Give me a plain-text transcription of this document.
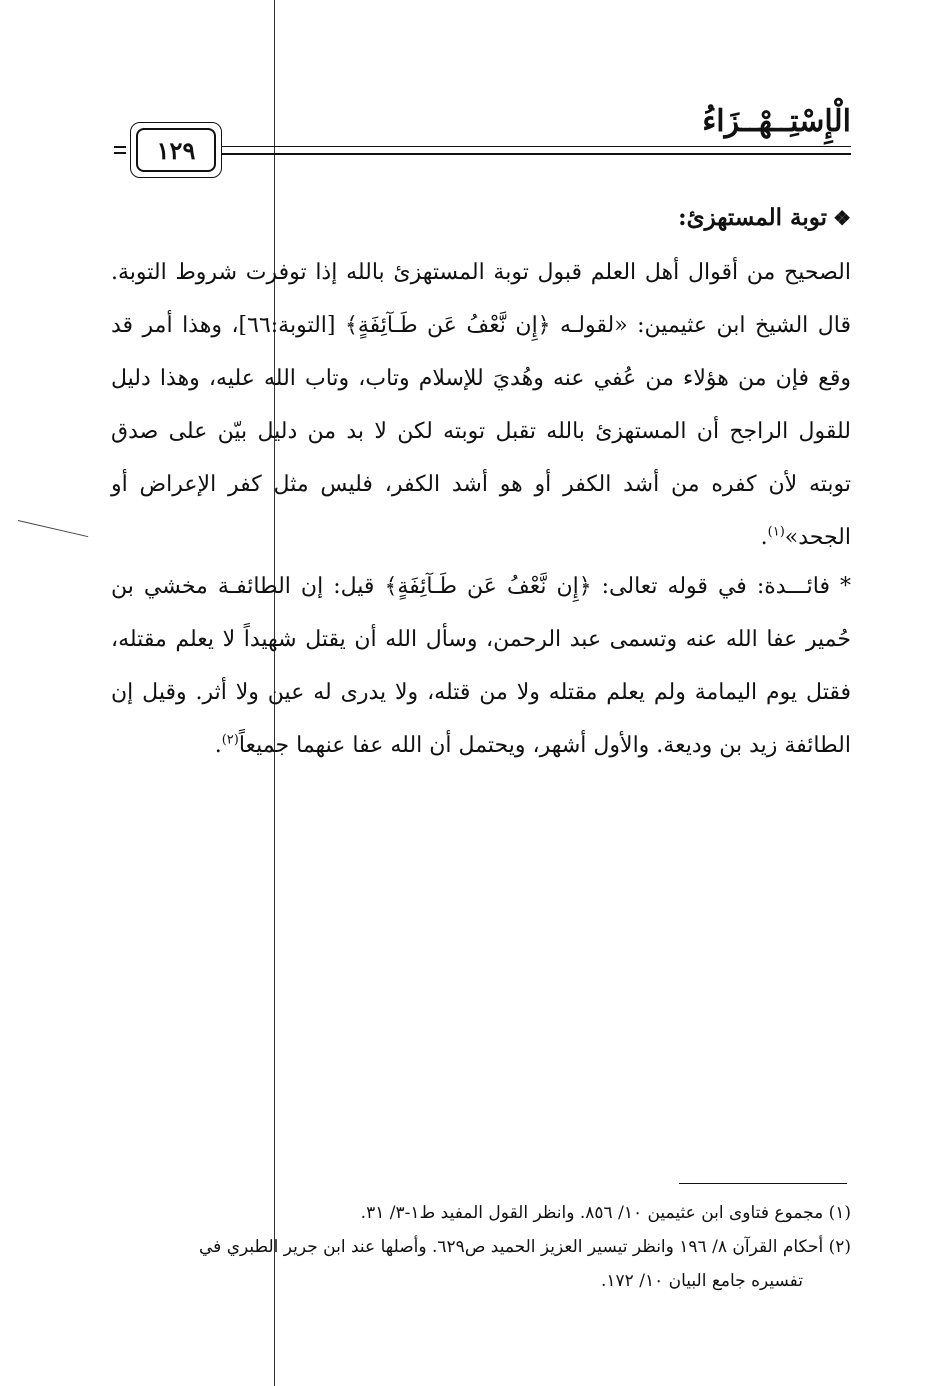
الْإِسْتِــهْــزَاءُ
١٢٩
❖توبة المستهزئ:
الصحيح من أقوال أهل العلم قبول توبة المستهزئ بالله إذا توفرت شروط التوبة. قال الشيخ ابن عثيمين: «لقولـه ﴿إِن نَّعْفُ عَن طَـآئِفَةٍ﴾ [التوبة:٦٦]، وهذا أمر قد وقع فإن من هؤلاء من عُفي عنه وهُديَ للإسلام وتاب، وتاب الله عليه، وهذا دليل للقول الراجح أن المستهزئ بالله تقبل توبته لكن لا بد من دليل بيّن على صدق توبته لأن كفره من أشد الكفر أو هو أشد الكفر، فليس مثل كفر الإعراض أو الجحد»$^{(١)}$.
* فائـــدة: في قوله تعالى: ﴿إِن نَّعْفُ عَن طَـآئِفَةٍ﴾ قيل: إن الطائفـة مخشي بن حُمير عفا الله عنه وتسمى عبد الرحمن، وسأل الله أن يقتل شهيداً لا يعلم مقتله، فقتل يوم اليمامة ولم يعلم مقتله ولا من قتله، ولا يدرى له عين ولا أثر. وقيل إن الطائفة زيد بن وديعة. والأول أشهر، ويحتمل أن الله عفا عنهما جميعاً$^{(٢)}$.

(١) مجموع فتاوى ابن عثيمين ١٠/ ٨٥٦. وانظر القول المفيد ط١-٣/ ٣١.

(٢) أحكام القرآن ٨/ ١٩٦ وانظر تيسير العزيز الحميد ص٦٢٩. وأصلها عند ابن جرير الطبري في

تفسيره جامع البيان ١٠/ ١٧٢.
